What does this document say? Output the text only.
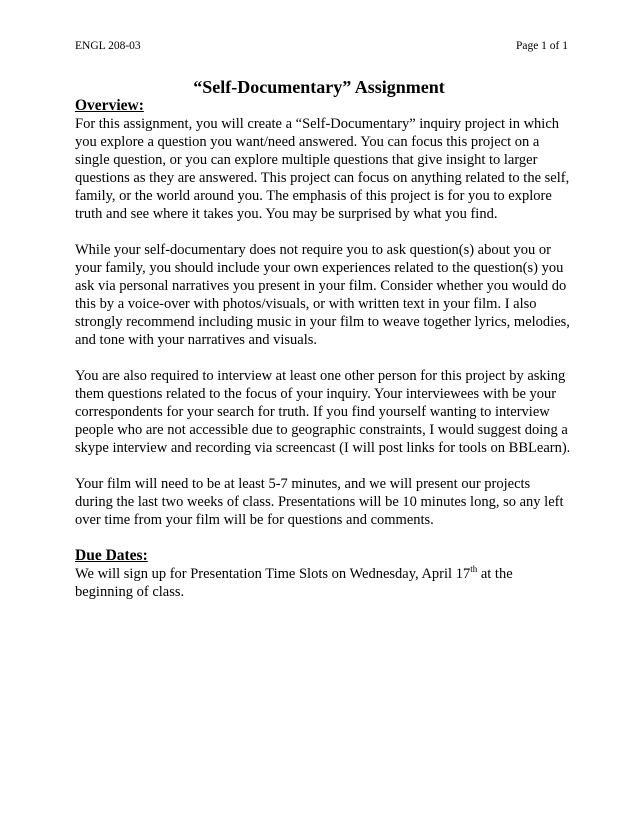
ENGL 208-03	Page 1 of 1
“Self-Documentary” Assignment

Overview:

For this assignment, you will create a “Self-Documentary” inquiry project in which you explore a question you want/need answered. You can focus this project on a single question, or you can explore multiple questions that give insight to larger questions as they are answered. This project can focus on anything related to the self, family, or the world around you. The emphasis of this project is for you to explore truth and see where it takes you. You may be surprised by what you find.

While your self-documentary does not require you to ask question(s) about you or your family, you should include your own experiences related to the question(s) you ask via personal narratives you present in your film. Consider whether you would do this by a voice-over with photos/visuals, or with written text in your film. I also strongly recommend including music in your film to weave together lyrics, melodies, and tone with your narratives and visuals.

You are also required to interview at least one other person for this project by asking them questions related to the focus of your inquiry. Your interviewees with be your correspondents for your search for truth. If you find yourself wanting to interview people who are not accessible due to geographic constraints, I would suggest doing a skype interview and recording via screencast (I will post links for tools on BBLearn).

Your film will need to be at least 5-7 minutes, and we will present our projects during the last two weeks of class. Presentations will be 10 minutes long, so any left over time from your film will be for questions and comments.

Due Dates:

We will sign up for Presentation Time Slots on Wednesday, April 17th at the beginning of class.
